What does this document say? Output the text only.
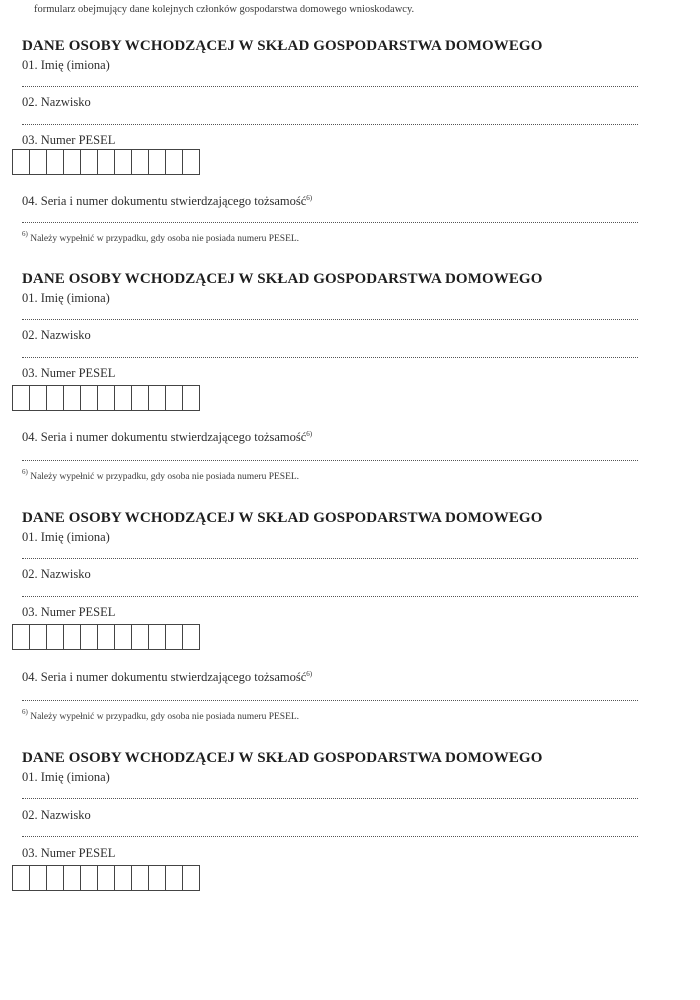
formularz obejmujący dane kolejnych członków gospodarstwa domowego wnioskodawcy.
DANE OSOBY WCHODZĄCEJ W SKŁAD GOSPODARSTWA DOMOWEGO
01. Imię (imiona)
02. Nazwisko
03. Numer PESEL
04. Seria i numer dokumentu stwierdzającego tożsamość$^{6)}$
$^{6)}$ Należy wypełnić w przypadku, gdy osoba nie posiada numeru PESEL.
DANE OSOBY WCHODZĄCEJ W SKŁAD GOSPODARSTWA DOMOWEGO
01. Imię (imiona)
02. Nazwisko
03. Numer PESEL
04. Seria i numer dokumentu stwierdzającego tożsamość$^{6)}$
$^{6)}$ Należy wypełnić w przypadku, gdy osoba nie posiada numeru PESEL.
DANE OSOBY WCHODZĄCEJ W SKŁAD GOSPODARSTWA DOMOWEGO
01. Imię (imiona)
02. Nazwisko
03. Numer PESEL
04. Seria i numer dokumentu stwierdzającego tożsamość$^{6)}$
$^{6)}$ Należy wypełnić w przypadku, gdy osoba nie posiada numeru PESEL.
DANE OSOBY WCHODZĄCEJ W SKŁAD GOSPODARSTWA DOMOWEGO
01. Imię (imiona)
02. Nazwisko
03. Numer PESEL
